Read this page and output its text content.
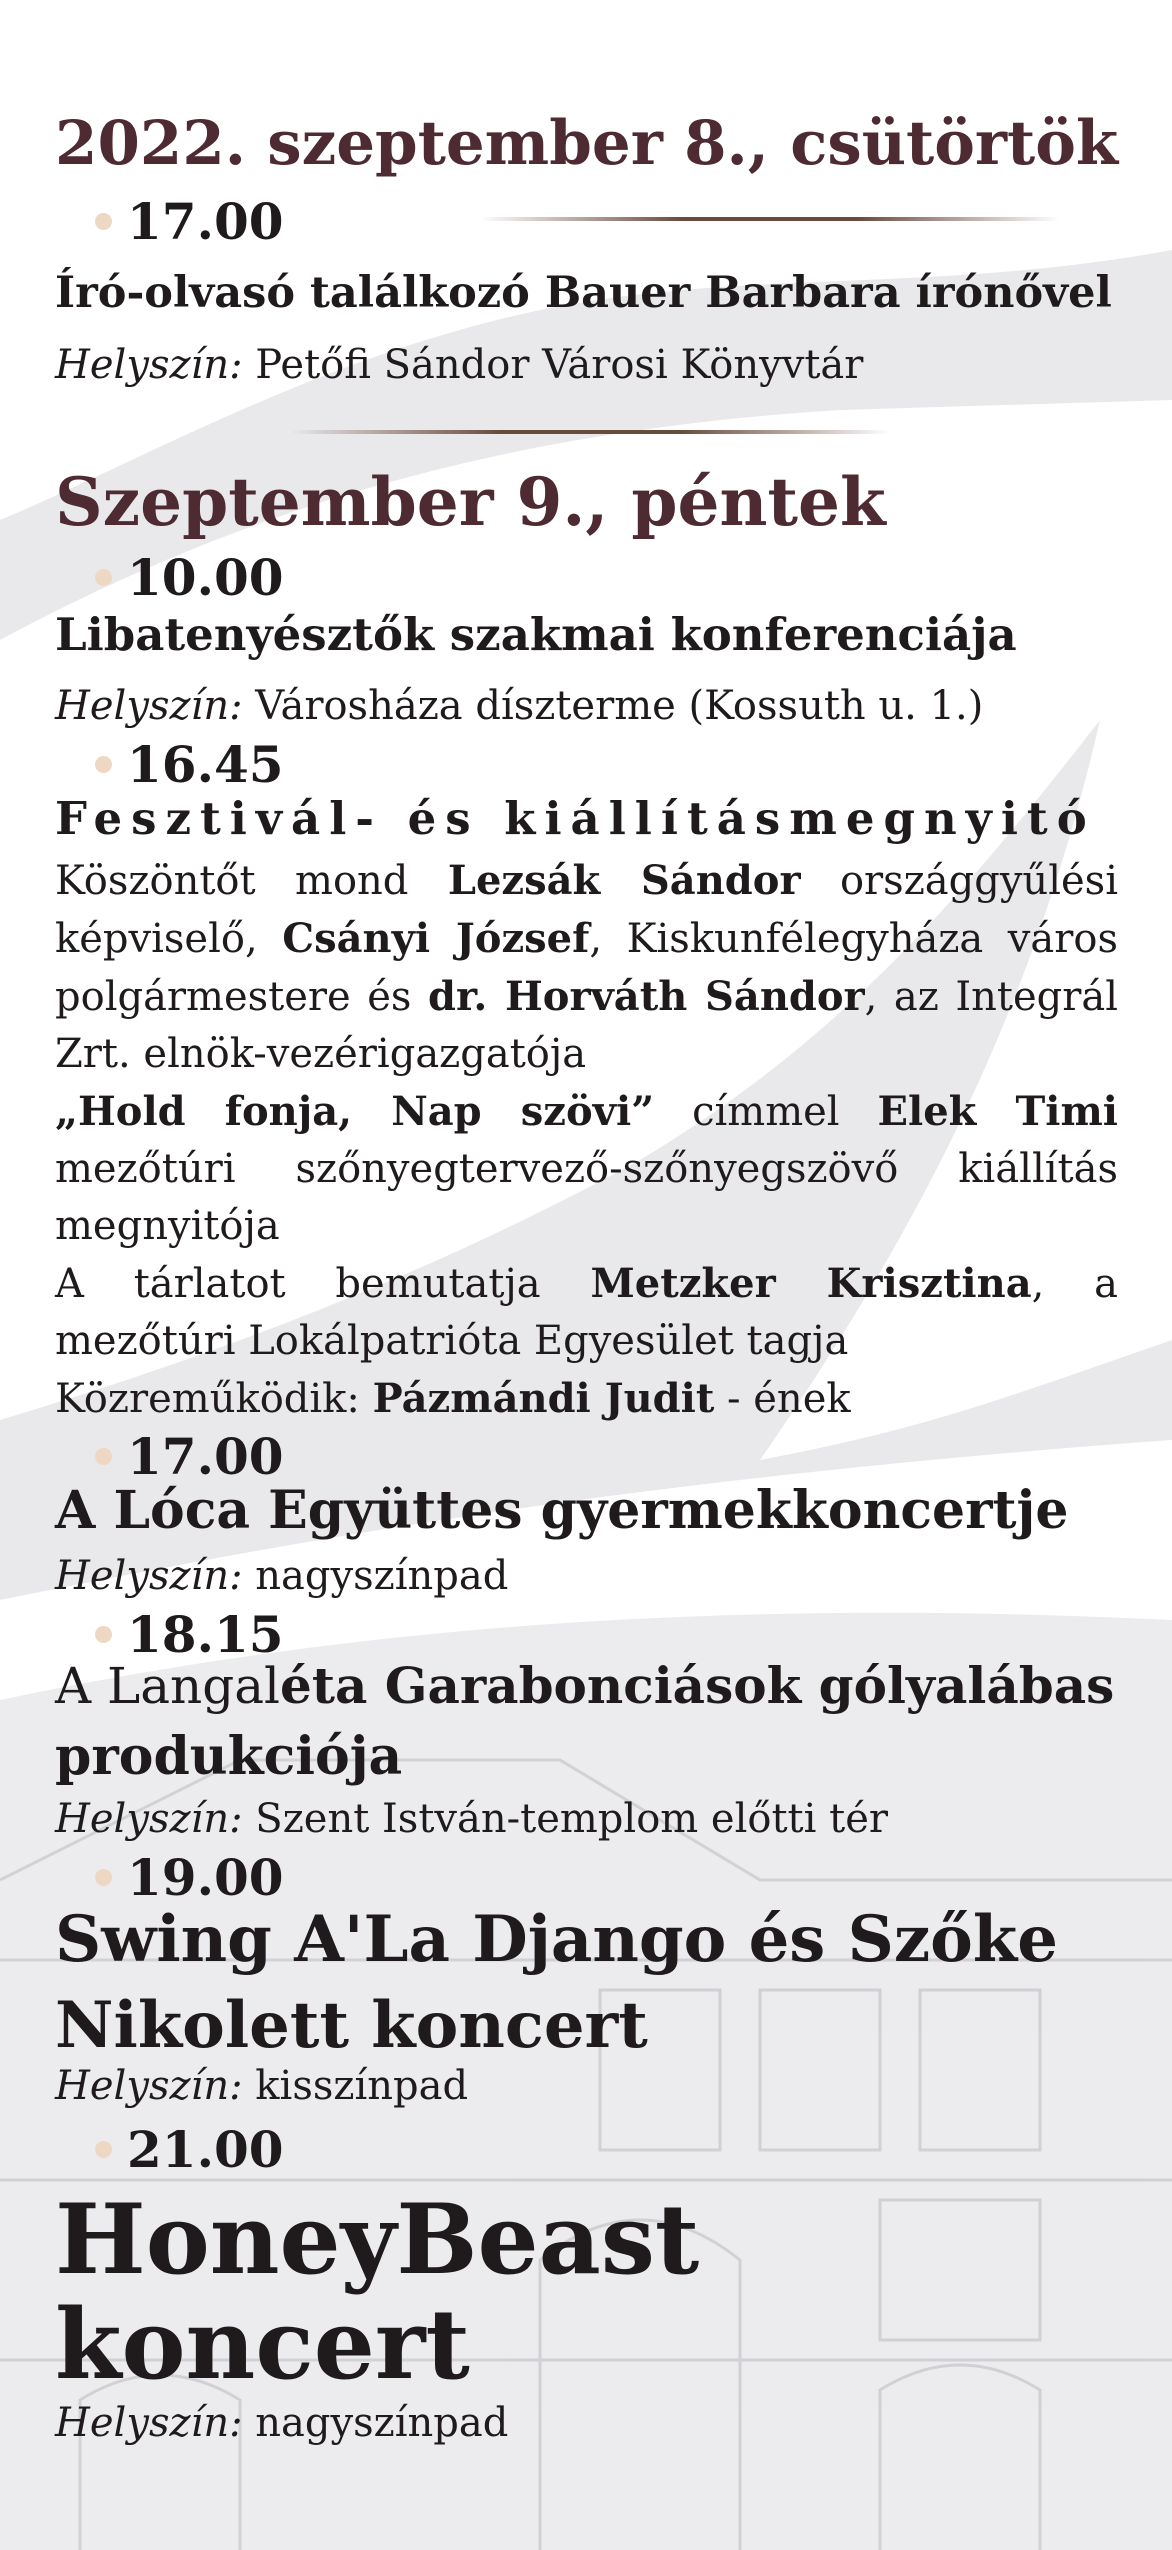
2022. szeptember 8., csütörtök
17.00
Író-olvasó találkozó Bauer Barbara írónővel
Helyszín: Petőfi Sándor Városi Könyvtár
Szeptember 9., péntek
10.00
Libatenyésztők szakmai konferenciája
Helyszín: Városháza díszterme (Kossuth u. 1.)
16.45
Fesztivál- és kiállításmegnyitó

Köszöntőt mond Lezsák Sándor országgyűlési

képviselő, Csányi József, Kiskunfélegyháza város

polgármestere és dr. Horváth Sándor, az Integrál

Zrt. elnök-vezérigazgatója

„Hold fonja, Nap szövi” címmel Elek Timi

mezőtúri szőnyegtervező-szőnyegszövő kiállítás

megnyitója

A tárlatot bemutatja Metzker Krisztina, a

mezőtúri Lokálpatrióta Egyesület tagja

Közreműködik: Pázmándi Judit - ének

17.00
A Lóca Együttes gyermekkoncertje
Helyszín: nagyszínpad
18.15
A Langaléta Garabonciások gólyalábas
produkciója
Helyszín: Szent István-templom előtti tér
19.00
Swing A'La Django és Szőke
Nikolett koncert
Helyszín: kisszínpad
21.00
HoneyBeast
koncert
Helyszín: nagyszínpad
